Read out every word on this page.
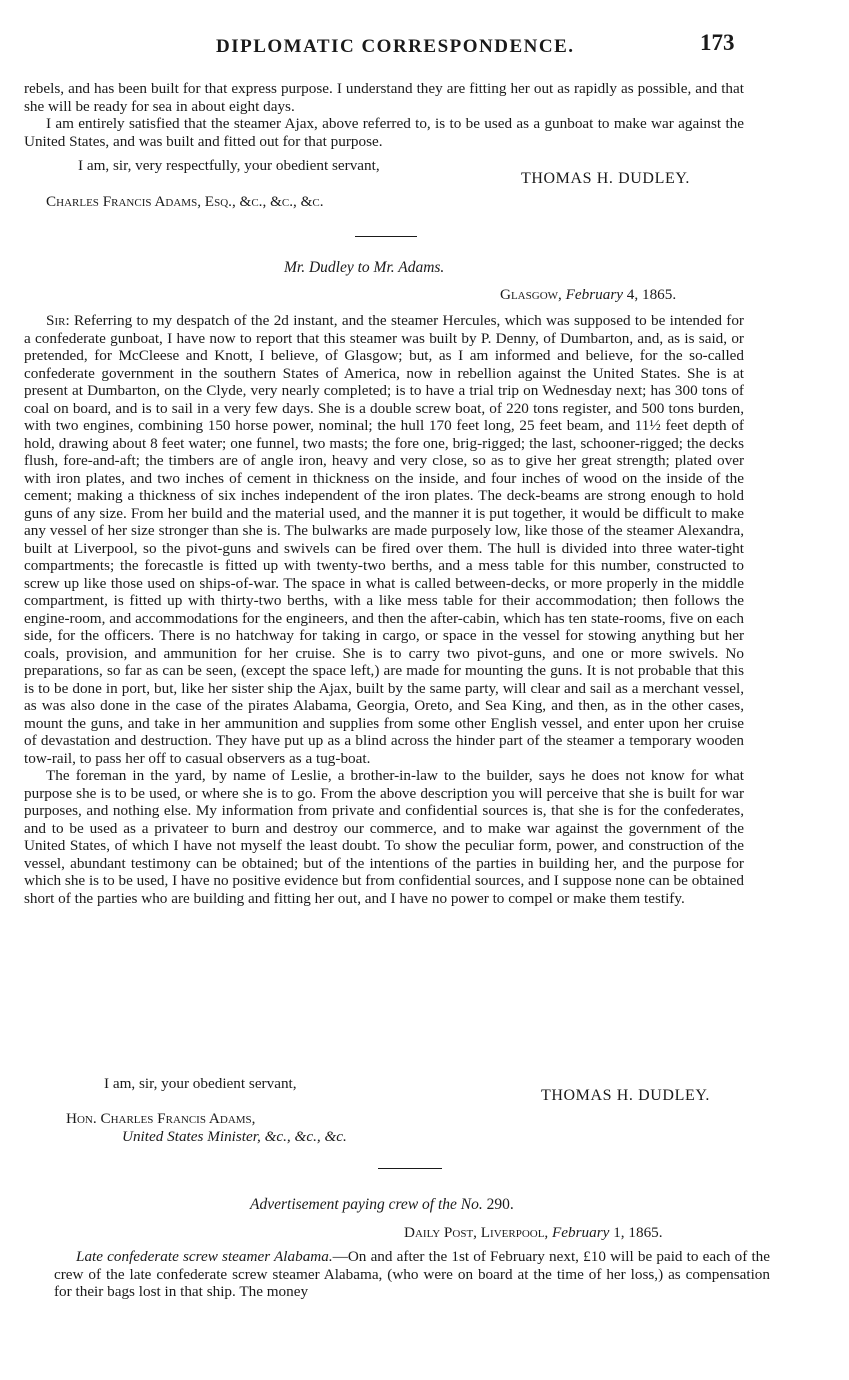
DIPLOMATIC CORRESPONDENCE.	173

rebels, and has been built for that express purpose. I understand they are fitting her out as rapidly as possible, and that she will be ready for sea in about eight days.

I am entirely satisfied that the steamer Ajax, above referred to, is to be used as a gunboat to make war against the United States, and was built and fitted out for that purpose.

I am, sir, very respectfully, your obedient servant,
THOMAS H. DUDLEY.
Charles Francis Adams, Esq., &c., &c., &c.
Mr. Dudley to Mr. Adams.
Glasgow, February 4, 1865.

Sir: Referring to my despatch of the 2d instant, and the steamer Hercules, which was supposed to be intended for a confederate gunboat, I have now to report that this steamer was built by P. Denny, of Dumbarton, and, as is said, or pretended, for McCleese and Knott, I believe, of Glasgow; but, as I am informed and believe, for the so-called confederate government in the southern States of America, now in rebellion against the United States. She is at present at Dumbarton, on the Clyde, very nearly completed; is to have a trial trip on Wednesday next; has 300 tons of coal on board, and is to sail in a very few days. She is a double screw boat, of 220 tons register, and 500 tons burden, with two engines, combining 150 horse power, nominal; the hull 170 feet long, 25 feet beam, and 11½ feet depth of hold, drawing about 8 feet water; one funnel, two masts; the fore one, brig-rigged; the last, schooner-rigged; the decks flush, fore-and-aft; the timbers are of angle iron, heavy and very close, so as to give her great strength; plated over with iron plates, and two inches of cement in thickness on the inside, and four inches of wood on the inside of the cement; making a thickness of six inches independent of the iron plates. The deck-beams are strong enough to hold guns of any size. From her build and the material used, and the manner it is put together, it would be difficult to make any vessel of her size stronger than she is. The bulwarks are made purposely low, like those of the steamer Alexandra, built at Liverpool, so the pivot-guns and swivels can be fired over them. The hull is divided into three water-tight compartments; the forecastle is fitted up with twenty-two berths, and a mess table for this number, constructed to screw up like those used on ships-of-war. The space in what is called between-decks, or more properly in the middle compartment, is fitted up with thirty-two berths, with a like mess table for their accommodation; then follows the engine-room, and accommodations for the engineers, and then the after-cabin, which has ten state-rooms, five on each side, for the officers. There is no hatchway for taking in cargo, or space in the vessel for stowing anything but her coals, provision, and ammunition for her cruise. She is to carry two pivot-guns, and one or more swivels. No preparations, so far as can be seen, (except the space left,) are made for mounting the guns. It is not probable that this is to be done in port, but, like her sister ship the Ajax, built by the same party, will clear and sail as a merchant vessel, as was also done in the case of the pirates Alabama, Georgia, Oreto, and Sea King, and then, as in the other cases, mount the guns, and take in her ammunition and supplies from some other English vessel, and enter upon her cruise of devastation and destruction. They have put up as a blind across the hinder part of the steamer a temporary wooden tow-rail, to pass her off to casual observers as a tug-boat.

The foreman in the yard, by name of Leslie, a brother-in-law to the builder, says he does not know for what purpose she is to be used, or where she is to go. From the above description you will perceive that she is built for war purposes, and nothing else. My information from private and confidential sources is, that she is for the confederates, and to be used as a privateer to burn and destroy our commerce, and to make war against the government of the United States, of which I have not myself the least doubt. To show the peculiar form, power, and construction of the vessel, abundant testimony can be obtained; but of the intentions of the parties in building her, and the purpose for which she is to be used, I have no positive evidence but from confidential sources, and I suppose none can be obtained short of the parties who are building and fitting her out, and I have no power to compel or make them testify.

I am, sir, your obedient servant,
THOMAS H. DUDLEY.
Hon. Charles Francis Adams,
United States Minister, &c., &c., &c.
Advertisement paying crew of the No. 290.
Daily Post, Liverpool, February 1, 1865.

Late confederate screw steamer Alabama.—On and after the 1st of February next, £10 will be paid to each of the crew of the late confederate screw steamer Alabama, (who were on board at the time of her loss,) as compensation for their bags lost in that ship. The money
